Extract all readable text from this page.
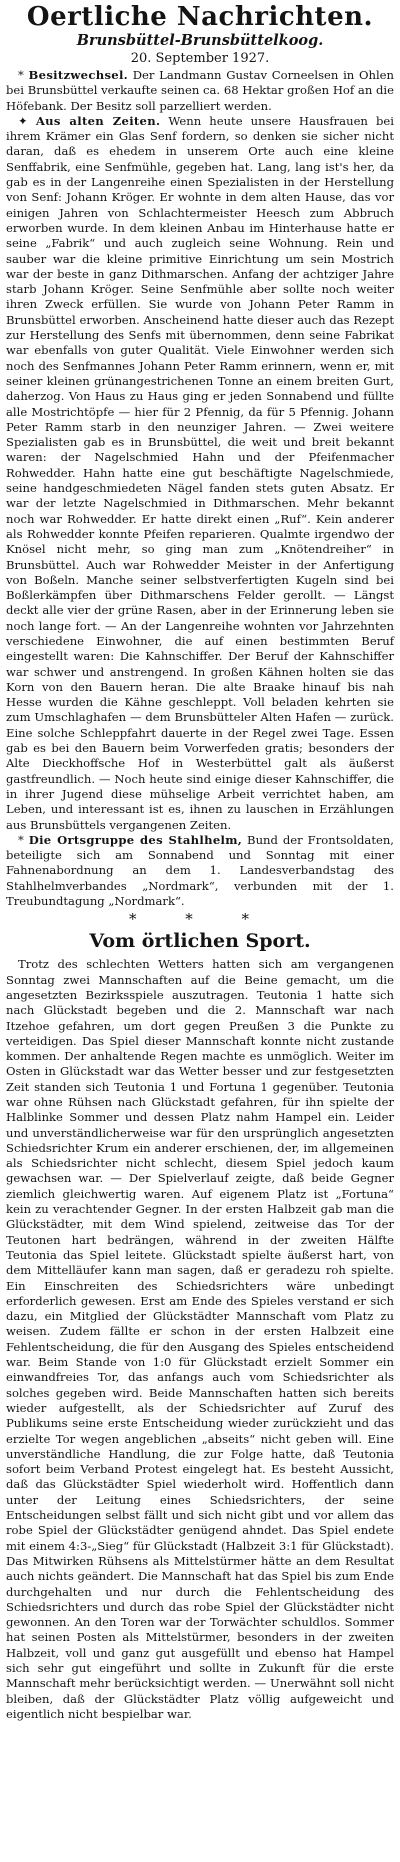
Oertliche Nachrichten.
Brunsbüttel-Brunsbüttelkoog.
20. September 1927.

* Besitzwechsel. Der Landmann Gustav Corneelsen in Ohlen bei Brunsbüttel verkaufte seinen ca. 68 Hektar großen Hof an die Höfebank. Der Besitz soll parzelliert werden.

✦ Aus alten Zeiten. Wenn heute unsere Hausfrauen bei ihrem Krämer ein Glas Senf fordern, so denken sie sicher nicht daran, daß es ehedem in unserem Orte auch eine kleine Senffabrik, eine Senfmühle, gegeben hat. Lang, lang ist's her, da gab es in der Langenreihe einen Spezialisten in der Herstellung von Senf: Johann Kröger. Er wohnte in dem alten Hause, das vor einigen Jahren von Schlachtermeister Heesch zum Abbruch erworben wurde. In dem kleinen Anbau im Hinterhause hatte er seine „Fabrik“ und auch zugleich seine Wohnung. Rein und sauber war die kleine primitive Einrichtung um sein Mostrich war der beste in ganz Dithmarschen. Anfang der achtziger Jahre starb Johann Kröger. Seine Senfmühle aber sollte noch weiter ihren Zweck erfüllen. Sie wurde von Johann Peter Ramm in Brunsbüttel erworben. Anscheinend hatte dieser auch das Rezept zur Herstellung des Senfs mit übernommen, denn seine Fabrikat war ebenfalls von guter Qualität. Viele Einwohner werden sich noch des Senfmannes Johann Peter Ramm erinnern, wenn er, mit seiner kleinen grünangestrichenen Tonne an einem breiten Gurt, daherzog. Von Haus zu Haus ging er jeden Sonnabend und füllte alle Mostrichtöpfe — hier für 2 Pfennig, da für 5 Pfennig. Johann Peter Ramm starb in den neunziger Jahren. — Zwei weitere Spezialisten gab es in Brunsbüttel, die weit und breit bekannt waren: der Nagelschmied Hahn und der Pfeifenmacher Rohwedder. Hahn hatte eine gut beschäftigte Nagelschmiede, seine handgeschmiedeten Nägel fanden stets guten Absatz. Er war der letzte Nagelschmied in Dithmarschen. Mehr bekannt noch war Rohwedder. Er hatte direkt einen „Ruf“. Kein anderer als Rohwedder konnte Pfeifen reparieren. Qualmte irgendwo der Knösel nicht mehr, so ging man zum „Knötendreiher“ in Brunsbüttel. Auch war Rohwedder Meister in der Anfertigung von Boßeln. Manche seiner selbstverfertigten Kugeln sind bei Boßlerkämpfen über Dithmarschens Felder gerollt. — Längst deckt alle vier der grüne Rasen, aber in der Erinnerung leben sie noch lange fort. — An der Langenreihe wohnten vor Jahrzehnten verschiedene Einwohner, die auf einen bestimmten Beruf eingestellt waren: Die Kahnschiffer. Der Beruf der Kahnschiffer war schwer und anstrengend. In großen Kähnen holten sie das Korn von den Bauern heran. Die alte Braake hinauf bis nah Hesse wurden die Kähne geschleppt. Voll beladen kehrten sie zum Umschlaghafen — dem Brunsbütteler Alten Hafen — zurück. Eine solche Schleppfahrt dauerte in der Regel zwei Tage. Essen gab es bei den Bauern beim Vorwerfeden gratis; besonders der Alte Dieckhoffsche Hof in Westerbüttel galt als äußerst gastfreundlich. — Noch heute sind einige dieser Kahnschiffer, die in ihrer Jugend diese mühselige Arbeit verrichtet haben, am Leben, und interessant ist es, ihnen zu lauschen in Erzählungen aus Brunsbüttels vergangenen Zeiten.

* Die Ortsgruppe des Stahlhelm, Bund der Frontsoldaten, beteiligte sich am Sonnabend und Sonntag mit einer Fahnenabordnung an dem 1. Landesverbandstag des Stahlhelmverbandes „Nordmark“, verbunden mit der 1. Treubundtagung „Nordmark“.

* * *
Vom örtlichen Sport.

Trotz des schlechten Wetters hatten sich am vergangenen Sonntag zwei Mannschaften auf die Beine gemacht, um die angesetzten Bezirksspiele auszutragen. Teutonia 1 hatte sich nach Glückstadt begeben und die 2. Mannschaft war nach Itzehoe gefahren, um dort gegen Preußen 3 die Punkte zu verteidigen. Das Spiel dieser Mannschaft konnte nicht zustande kommen. Der anhaltende Regen machte es unmöglich. Weiter im Osten in Glückstadt war das Wetter besser und zur festgesetzten Zeit standen sich Teutonia 1 und Fortuna 1 gegenüber. Teutonia war ohne Rühsen nach Glückstadt gefahren, für ihn spielte der Halblinke Sommer und dessen Platz nahm Hampel ein. Leider und unverständlicherweise war für den ursprünglich angesetzten Schiedsrichter Krum ein anderer erschienen, der, im allgemeinen als Schiedsrichter nicht schlecht, diesem Spiel jedoch kaum gewachsen war. — Der Spielverlauf zeigte, daß beide Gegner ziemlich gleichwertig waren. Auf eigenem Platz ist „Fortuna“ kein zu verachtender Gegner. In der ersten Halbzeit gab man die Glückstädter, mit dem Wind spielend, zeitweise das Tor der Teutonen hart bedrängen, während in der zweiten Hälfte Teutonia das Spiel leitete. Glückstadt spielte äußerst hart, von dem Mittelläufer kann man sagen, daß er geradezu roh spielte. Ein Einschreiten des Schiedsrichters wäre unbedingt erforderlich gewesen. Erst am Ende des Spieles verstand er sich dazu, ein Mitglied der Glückstädter Mannschaft vom Platz zu weisen. Zudem fällte er schon in der ersten Halbzeit eine Fehlentscheidung, die für den Ausgang des Spieles entscheidend war. Beim Stande von 1:0 für Glückstadt erzielt Sommer ein einwandfreies Tor, das anfangs auch vom Schiedsrichter als solches gegeben wird. Beide Mannschaften hatten sich bereits wieder aufgestellt, als der Schiedsrichter auf Zuruf des Publikums seine erste Entscheidung wieder zurückzieht und das erzielte Tor wegen angeblichen „abseits“ nicht geben will. Eine unverständliche Handlung, die zur Folge hatte, daß Teutonia sofort beim Verband Protest eingelegt hat. Es besteht Aussicht, daß das Glückstädter Spiel wiederholt wird. Hoffentlich dann unter der Leitung eines Schiedsrichters, der seine Entscheidungen selbst fällt und sich nicht gibt und vor allem das robe Spiel der Glückstädter genügend ahndet. Das Spiel endete mit einem 4:3-„Sieg“ für Glückstadt (Halbzeit 3:1 für Glückstadt). Das Mitwirken Rühsens als Mittelstürmer hätte an dem Resultat auch nichts geändert. Die Mannschaft hat das Spiel bis zum Ende durchgehalten und nur durch die Fehlentscheidung des Schiedsrichters und durch das robe Spiel der Glückstädter nicht gewonnen. An den Toren war der Torwächter schuldlos. Sommer hat seinen Posten als Mittelstürmer, besonders in der zweiten Halbzeit, voll und ganz gut ausgefüllt und ebenso hat Hampel sich sehr gut eingeführt und sollte in Zukunft für die erste Mannschaft mehr berücksichtigt werden. — Unerwähnt soll nicht bleiben, daß der Glückstädter Platz völlig aufgeweicht und eigentlich nicht bespielbar war.
